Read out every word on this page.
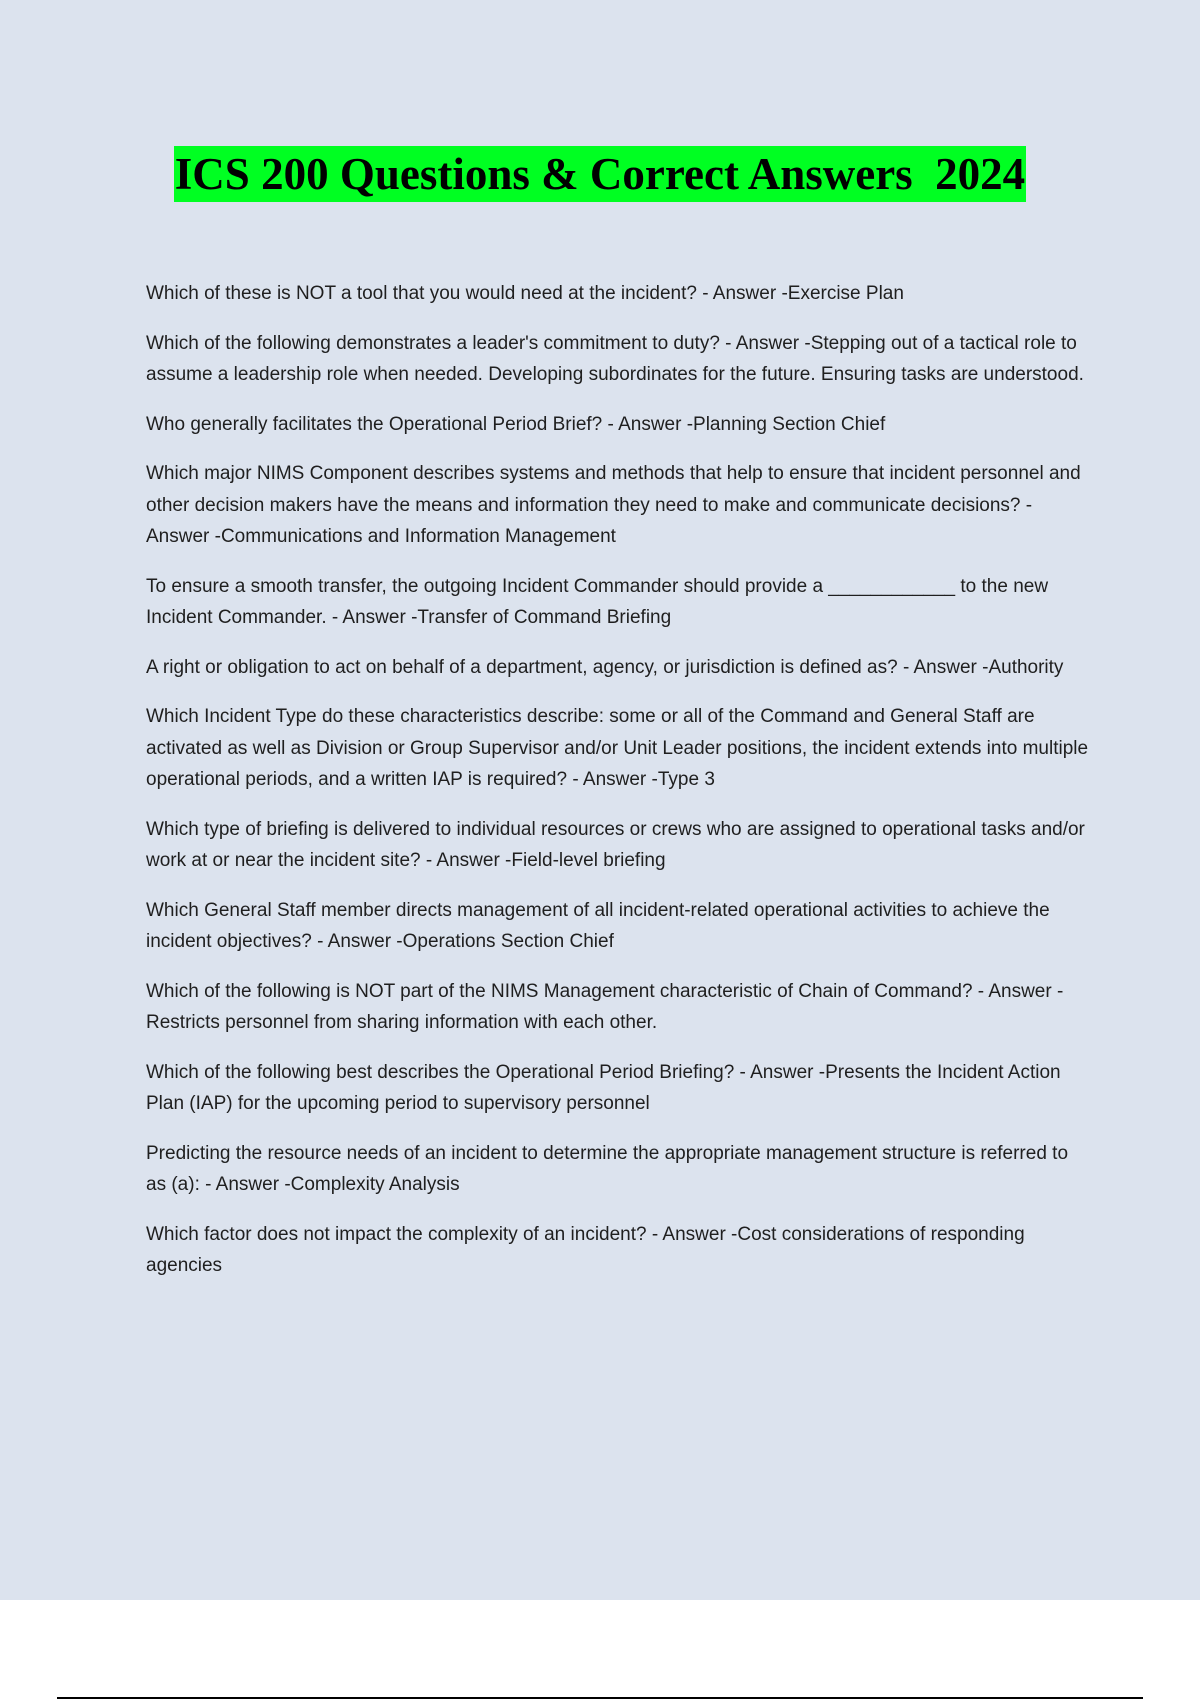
ICS 200 Questions & Correct Answers  2024

Which of these is NOT a tool that you would need at the incident? - Answer -Exercise Plan

Which of the following demonstrates a leader's commitment to duty? - Answer -Stepping out of a tactical role to assume a leadership role when needed. Developing subordinates for the future. Ensuring tasks are understood.

Who generally facilitates the Operational Period Brief? - Answer -Planning Section Chief

Which major NIMS Component describes systems and methods that help to ensure that incident personnel and other decision makers have the means and information they need to make and communicate decisions? - Answer -Communications and Information Management

To ensure a smooth transfer, the outgoing Incident Commander should provide a ____________ to the new Incident Commander. - Answer -Transfer of Command Briefing

A right or obligation to act on behalf of a department, agency, or jurisdiction is defined as? - Answer -Authority

Which Incident Type do these characteristics describe: some or all of the Command and General Staff are activated as well as Division or Group Supervisor and/or Unit Leader positions, the incident extends into multiple operational periods, and a written IAP is required? - Answer -Type 3

Which type of briefing is delivered to individual resources or crews who are assigned to operational tasks and/or work at or near the incident site? - Answer -Field-level briefing

Which General Staff member directs management of all incident-related operational activities to achieve the incident objectives? - Answer -Operations Section Chief

Which of the following is NOT part of the NIMS Management characteristic of Chain of Command? - Answer -Restricts personnel from sharing information with each other.

Which of the following best describes the Operational Period Briefing? - Answer -Presents the Incident Action Plan (IAP) for the upcoming period to supervisory personnel

Predicting the resource needs of an incident to determine the appropriate management structure is referred to as (a): - Answer -Complexity Analysis

Which factor does not impact the complexity of an incident? - Answer -Cost considerations of responding agencies
